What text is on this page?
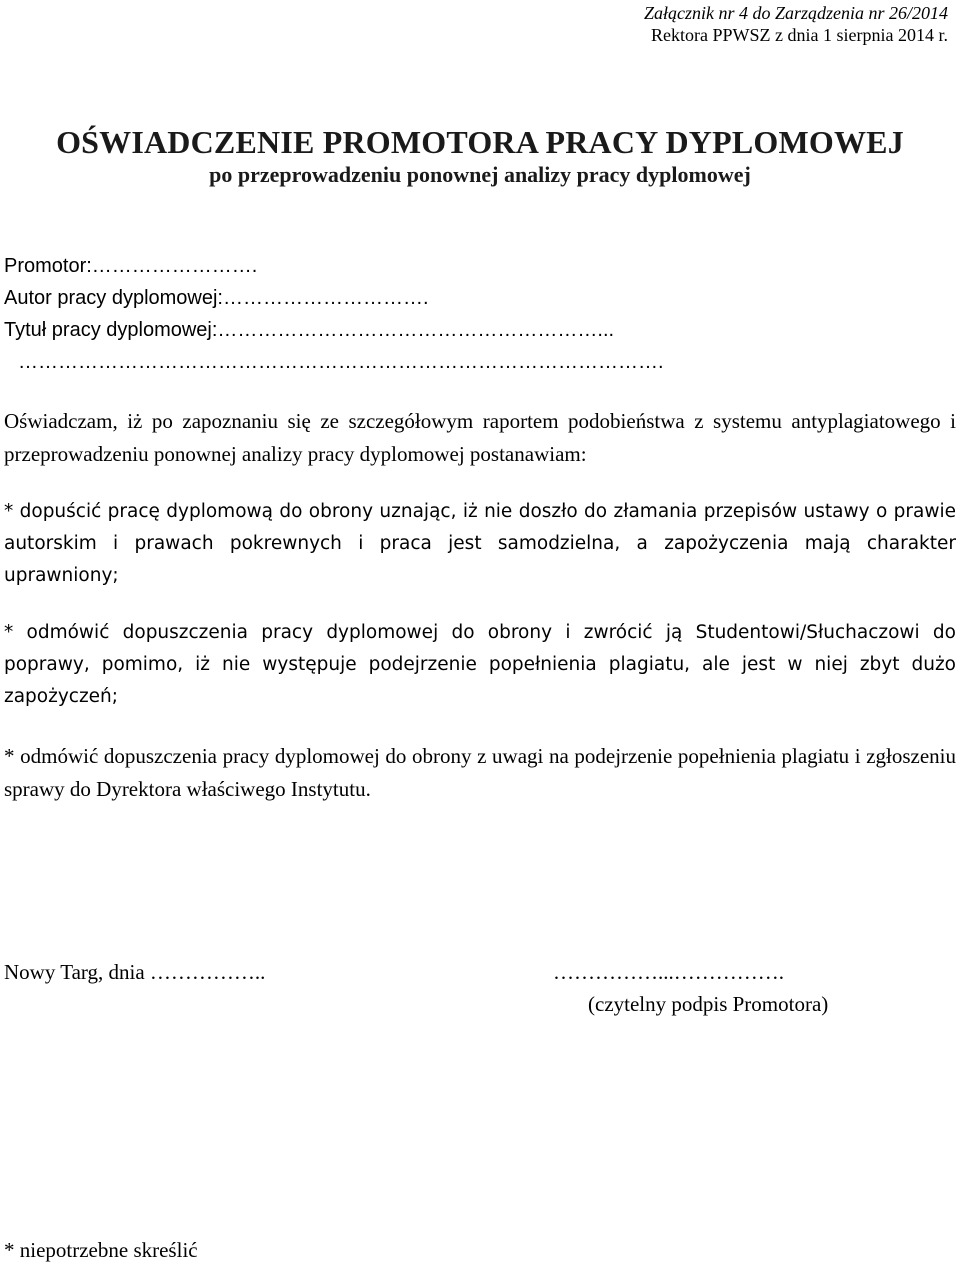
Załącznik nr 4 do Zarządzenia nr 26/2014
Rektora PPWSZ z dnia 1 sierpnia 2014 r.
OŚWIADCZENIE PROMOTORA PRACY DYPLOMOWEJ
po przeprowadzeniu ponownej analizy pracy dyplomowej
Promotor:…………………….
Autor pracy dyplomowej:………………………….
Tytuł pracy dyplomowej:…………………………………………………...
…………………………………………………………………………………….
Oświadczam, iż po zapoznaniu się ze szczegółowym raportem podobieństwa z systemu antyplagiatowego i przeprowadzeniu ponownej analizy pracy dyplomowej postanawiam:
* dopuścić pracę dyplomową do obrony uznając, iż nie doszło do złamania przepisów ustawy o prawie autorskim i prawach pokrewnych i praca jest samodzielna, a zapożyczenia mają charakter uprawniony;
* odmówić dopuszczenia pracy dyplomowej do obrony i zwrócić ją Studentowi/Słuchaczowi do poprawy, pomimo, iż nie występuje podejrzenie popełnienia plagiatu, ale jest w niej zbyt dużo zapożyczeń;
* odmówić dopuszczenia pracy dyplomowej do obrony z uwagi na podejrzenie popełnienia plagiatu i zgłoszeniu sprawy do Dyrektora właściwego Instytutu.
Nowy Targ, dnia ……………..	……………...…………….
(czytelny podpis Promotora)
* niepotrzebne skreślić
